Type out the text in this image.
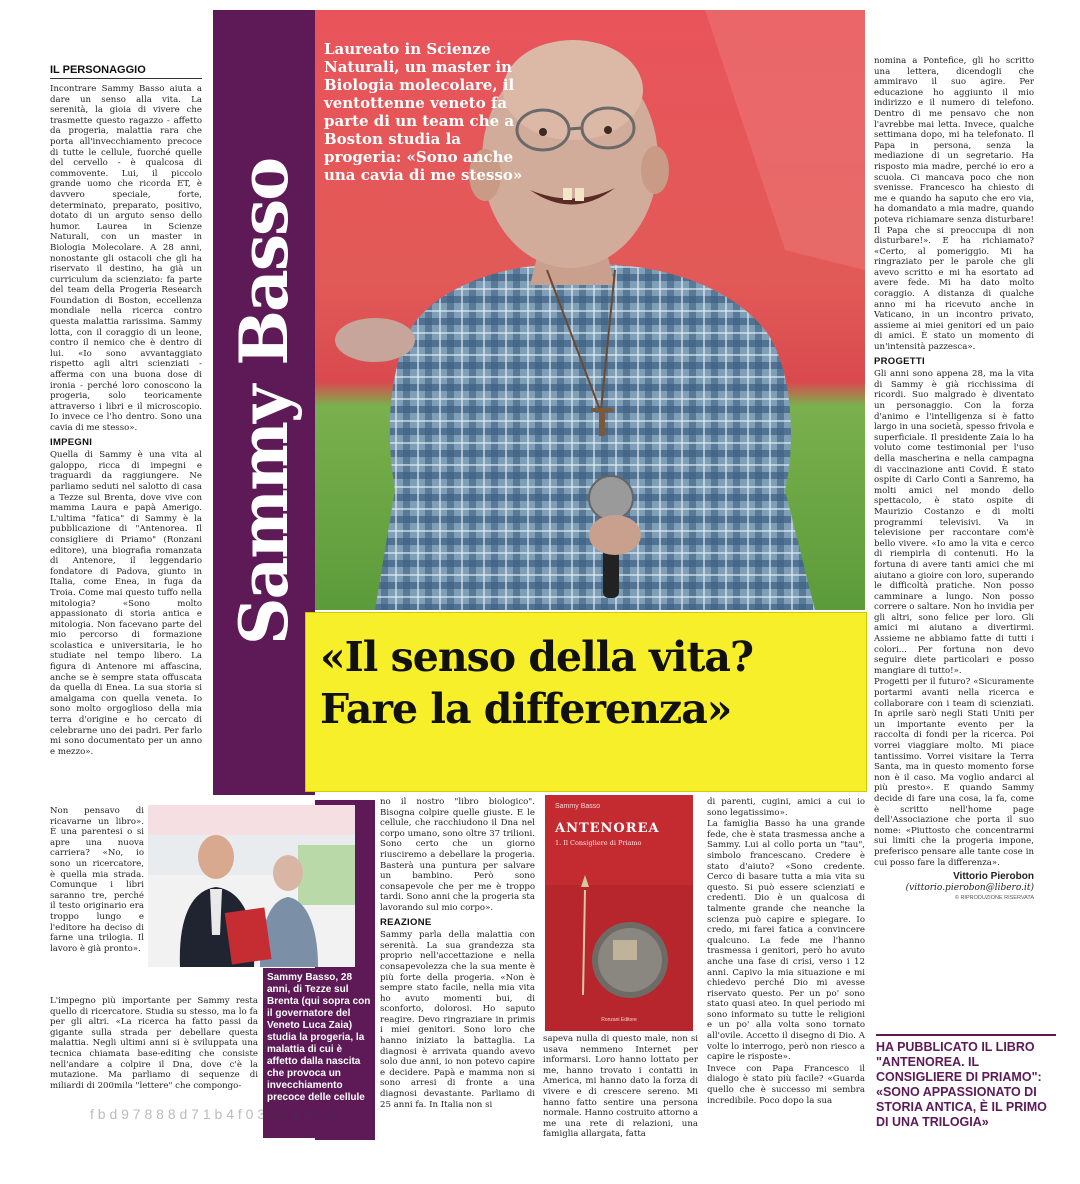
IL PERSONAGGIO

Incontrare Sammy Basso aiuta a dare un senso alla vita. La serenità, la gioia di vivere che trasmette questo ragazzo - affetto da progeria, malattia rara che porta all'invecchiamento precoce di tutte le cellule, fuorché quelle del cervello - è qualcosa di commovente. Lui, il piccolo grande uomo che ricorda ET, è davvero speciale, forte, determinato, preparato, positivo, dotato di un arguto senso dello humor. Laurea in Scienze Naturali, con un master in Biologia Molecolare. A 28 anni, nonostante gli ostacoli che gli ha riservato il destino, ha già un curriculum da scienziato: fa parte del team della Progeria Research Foundation di Boston, eccellenza mondiale nella ricerca contro questa malattia rarissima. Sammy lotta, con il coraggio di un leone, contro il nemico che è dentro di lui. «Io sono avvantaggiato rispetto agli altri scienziati - afferma con una buona dose di ironia - perché loro conoscono la progeria, solo teoricamente attraverso i libri e il microscopio. Io invece ce l'ho dentro. Sono una cavia di me stesso».

IMPEGNI

Quella di Sammy è una vita al galoppo, ricca di impegni e traguardi da raggiungere. Ne parliamo seduti nel salotto di casa a Tezze sul Brenta, dove vive con mamma Laura e papà Amerigo. L'ultima "fatica" di Sammy è la pubblicazione di "Antenorea. Il consigliere di Priamo" (Ronzani editore), una biografia romanzata di Antenore, il leggendario fondatore di Padova, giunto in Italia, come Enea, in fuga da Troia. Come mai questo tuffo nella mitologia? «Sono molto appassionato di storia antica e mitologia. Non facevano parte del mio percorso di formazione scolastica e universitaria, le ho studiate nel tempo libero. La figura di Antenore mi affascina, anche se è sempre stata offuscata da quella di Enea. La sua storia si amalgama con quella veneta. Io sono molto orgoglioso della mia terra d'origine e ho cercato di celebrarne uno dei padri. Per farlo mi sono documentato per un anno e mezzo».

Non pensavo di ricavarne un libro». È una parentesi o si apre una nuova carriera? «No, io sono un ricercatore, è quella mia strada. Comunque i libri saranno tre, perché il testo originario era troppo lungo e l'editore ha deciso di farne una trilogia. Il lavoro è già pronto».

L'impegno più importante per Sammy resta quello di ricercatore. Studia su stesso, ma lo fa per gli altri. «La ricerca ha fatto passi da gigante sulla strada per debellare questa malattia. Negli ultimi anni si è sviluppata una tecnica chiamata base-editing che consiste nell'andare a colpire il Dna, dove c'è la mutazione. Ma parliamo di sequenze di miliardi di 200mila "lettere" che compongo-

Sammy Basso
Laureato in Scienze Naturali, un master in Biologia molecolare, il ventottenne veneto fa parte di un team che a Boston studia la progeria: «Sono anche una cavia di me stesso»
«Il senso della vita?
Fare la differenza»
Sammy Basso, 28 anni, di Tezze sul Brenta (qui sopra con il governatore del Veneto Luca Zaia) studia la progeria, la malattia di cui è affetto dalla nascita che provoca un invecchiamento precoce delle cellule

no il nostro "libro biologico". Bisogna colpire quelle giuste. E le cellule, che racchiudono il Dna nel corpo umano, sono oltre 37 trilioni. Sono certo che un giorno riusciremo a debellare la progeria. Basterà una puntura per salvare un bambino. Però sono consapevole che per me è troppo tardi. Sono anni che la progeria sta lavorando sul mio corpo».

REAZIONE

Sammy parla della malattia con serenità. La sua grandezza sta proprio nell'accettazione e nella consapevolezza che la sua mente è più forte della progeria. «Non è sempre stato facile, nella mia vita ho avuto momenti bui, di sconforto, dolorosi. Ho saputo reagire. Devo ringraziare in primis i miei genitori. Sono loro che hanno iniziato la battaglia. La diagnosi è arrivata quando avevo solo due anni, io non potevo capire e decidere. Papà e mamma non si sono arresi di fronte a una diagnosi devastante. Parliamo di 25 anni fa. In Italia non si

Sammy Basso
ANTENOREA
1. Il Consigliere di Priamo
Ronzani Editore

sapeva nulla di questo male, non si usava nemmeno Internet per informarsi. Loro hanno lottato per me, hanno trovato i contatti in America, mi hanno dato la forza di vivere e di crescere sereno. Mi hanno fatto sentire una persona normale. Hanno costruito attorno a me una rete di relazioni, una famiglia allargata, fatta

di parenti, cugini, amici a cui io sono legatissimo».

La famiglia Basso ha una grande fede, che è stata trasmessa anche a Sammy. Lui al collo porta un "tau", simbolo francescano. Credere è stato d'aiuto? «Sono credente. Cerco di basare tutta a mia vita su questo. Si può essere scienziati e credenti. Dio è un qualcosa di talmente grande che neanche la scienza può capire e spiegare. Io credo, mi farei fatica a convincere qualcuno. La fede me l'hanno trasmessa i genitori, però ho avuto anche una fase di crisi, verso i 12 anni. Capivo la mia situazione e mi chiedevo perché Dio mi avesse riservato questo. Per un po' sono stato quasi ateo. In quel periodo mi sono informato su tutte le religioni e un po' alla volta sono tornato all'ovile. Accetto il disegno di Dio. A volte lo interrogo, però non riesco a capire le risposte».

Invece con Papa Francesco il dialogo è stato più facile? «Guarda quello che è successo mi sembra incredibile. Poco dopo la sua

nomina a Pontefice, gli ho scritto una lettera, dicendogli che ammiravo il suo agire. Per educazione ho aggiunto il mio indirizzo e il numero di telefono. Dentro di me pensavo che non l'avrebbe mai letta. Invece, qualche settimana dopo, mi ha telefonato. Il Papa in persona, senza la mediazione di un segretario. Ha risposto mia madre, perché io ero a scuola. Ci mancava poco che non svenisse. Francesco ha chiesto di me e quando ha saputo che ero via, ha domandato a mia madre, quando poteva richiamare senza disturbare! Il Papa che si preoccupa di non disturbare!». E ha richiamato? «Certo, al pomeriggio. Mi ha ringraziato per le parole che gli avevo scritto e mi ha esortato ad avere fede. Mi ha dato molto coraggio. A distanza di qualche anno mi ha ricevuto anche in Vaticano, in un incontro privato, assieme ai miei genitori ed un paio di amici. È stato un momento di un'intensità pazzesca».

PROGETTI

Gli anni sono appena 28, ma la vita di Sammy è già ricchissima di ricordi. Suo malgrado è diventato un personaggio. Con la forza d'animo e l'intelligenza si è fatto largo in una società, spesso frivola e superficiale. Il presidente Zaia lo ha voluto come testimonial per l'uso della mascherina e nella campagna di vaccinazione anti Covid. È stato ospite di Carlo Conti a Sanremo, ha molti amici nel mondo dello spettacolo, è stato ospite di Maurizio Costanzo e di molti programmi televisivi. Va in televisione per raccontare com'è bello vivere. «Io amo la vita e cerco di riempirla di contenuti. Ho la fortuna di avere tanti amici che mi aiutano a gioire con loro, superando le difficoltà pratiche. Non posso camminare a lungo. Non posso correre o saltare. Non ho invidia per gli altri, sono felice per loro. Gli amici mi aiutano a divertirmi. Assieme ne abbiamo fatte di tutti i colori... Per fortuna non devo seguire diete particolari e posso mangiare di tutto!».

Progetti per il futuro? «Sicuramente portarmi avanti nella ricerca e collaborare con i team di scienziati. In aprile sarò negli Stati Uniti per un importante evento per la raccolta di fondi per la ricerca. Poi vorrei viaggiare molto. Mi piace tantissimo. Vorrei visitare la Terra Santa, ma in questo momento forse non è il caso. Ma voglio andarci al più presto». E quando Sammy decide di fare una cosa, la fa, come è scritto nell'home page dell'Associazione che porta il suo nome: «Piuttosto che concentrarmi sui limiti che la progeria impone, preferisco pensare alle tante cose in cui posso fare la differenza».

Vittorio Pierobon
(vittorio.pierobon@libero.it)
© RIPRODUZIONE RISERVATA
HA PUBBLICATO IL LIBRO "ANTENOREA. IL CONSIGLIERE DI PRIAMO": «SONO APPASSIONATO DI STORIA ANTICA, È IL PRIMO DI UNA TRILOGIA»
f b d 9 7 8 8 8 d 7 1 b 4 f 0 3 a 2 a 4 c 6
